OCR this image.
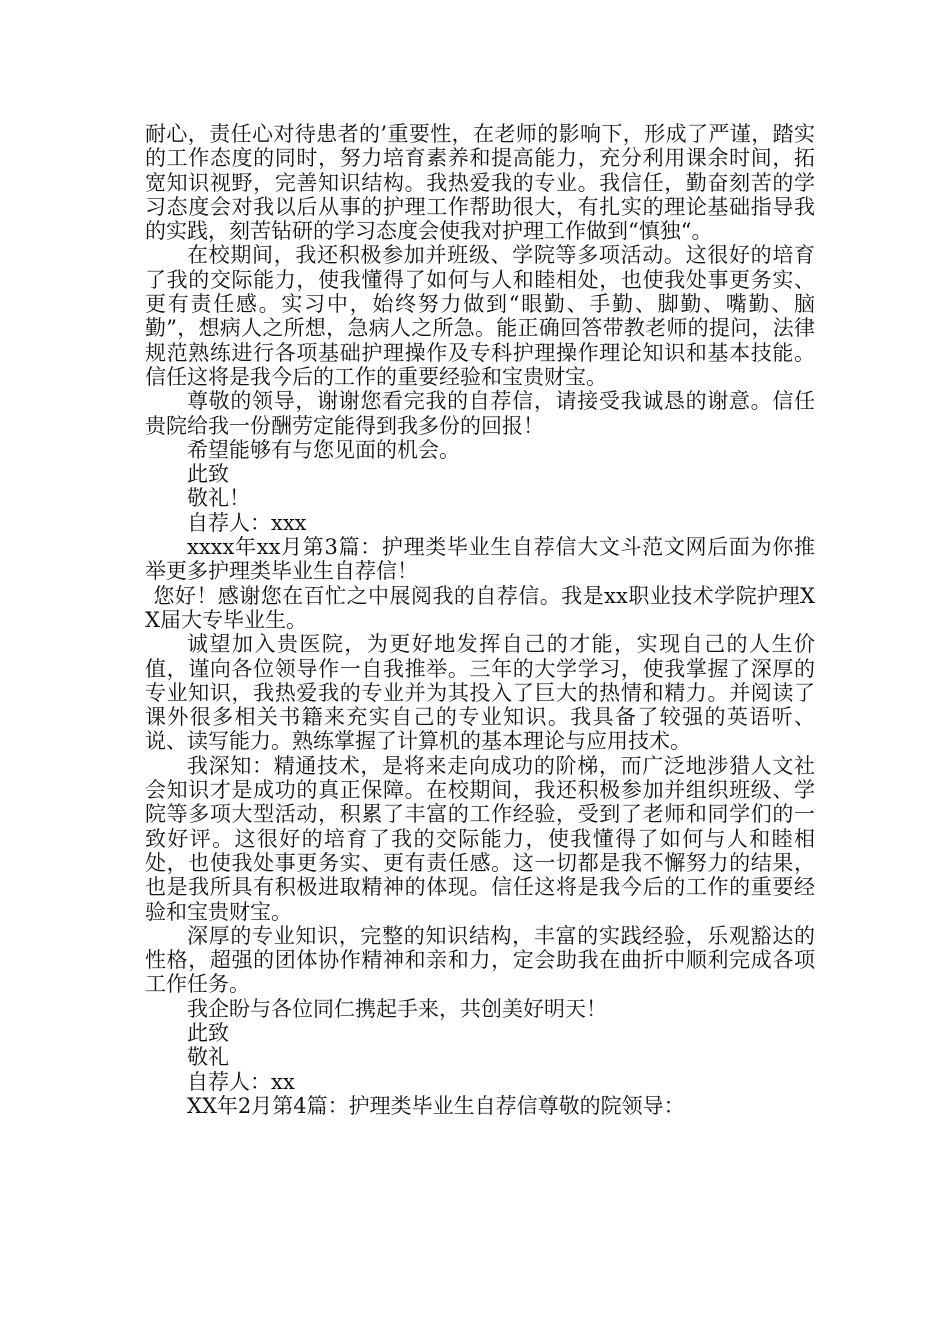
耐心，责任心对待患者的’重要性，在老师的影响下，形成了严谨，踏实的工作态度的同时，努力培育素养和提高能力，充分利用课余时间，拓宽知识视野，完善知识结构。我热爱我的专业。我信任，勤奋刻苦的学习态度会对我以后从事的护理工作帮助很大，有扎实的理论基础指导我的实践，刻苦钻研的学习态度会使我对护理工作做到“慎独“。

在校期间，我还积极参加并班级、学院等多项活动。这很好的培育了我的交际能力，使我懂得了如何与人和睦相处，也使我处事更务实、更有责任感。实习中，始终努力做到“眼勤、手勤、脚勤、嘴勤、脑勤”，想病人之所想，急病人之所急。能正确回答带教老师的提问，法律规范熟练进行各项基础护理操作及专科护理操作理论知识和基本技能。信任这将是我今后的工作的重要经验和宝贵财宝。

尊敬的领导，谢谢您看完我的自荐信，请接受我诚恳的谢意。信任贵院给我一份酬劳定能得到我多份的回报！

希望能够有与您见面的机会。

此致

敬礼！

自荐人：xxx

xxxx年xx月第3篇：护理类毕业生自荐信大文斗范文网后面为你推举更多护理类毕业生自荐信！

您好！感谢您在百忙之中展阅我的自荐信。我是xx职业技术学院护理XX届大专毕业生。

诚望加入贵医院，为更好地发挥自己的才能，实现自己的人生价值，谨向各位领导作一自我推举。三年的大学学习，使我掌握了深厚的专业知识，我热爱我的专业并为其投入了巨大的热情和精力。并阅读了课外很多相关书籍来充实自己的专业知识。我具备了较强的英语听、说、读写能力。熟练掌握了计算机的基本理论与应用技术。

我深知：精通技术，是将来走向成功的阶梯，而广泛地涉猎人文社会知识才是成功的真正保障。在校期间，我还积极参加并组织班级、学院等多项大型活动，积累了丰富的工作经验，受到了老师和同学们的一致好评。这很好的培育了我的交际能力，使我懂得了如何与人和睦相处，也使我处事更务实、更有责任感。这一切都是我不懈努力的结果，也是我所具有积极进取精神的体现。信任这将是我今后的工作的重要经验和宝贵财宝。

深厚的专业知识，完整的知识结构，丰富的实践经验，乐观豁达的性格，超强的团体协作精神和亲和力，定会助我在曲折中顺利完成各项工作任务。

我企盼与各位同仁携起手来，共创美好明天！

此致

敬礼

自荐人：xx

XX年2月第4篇：护理类毕业生自荐信尊敬的院领导：
